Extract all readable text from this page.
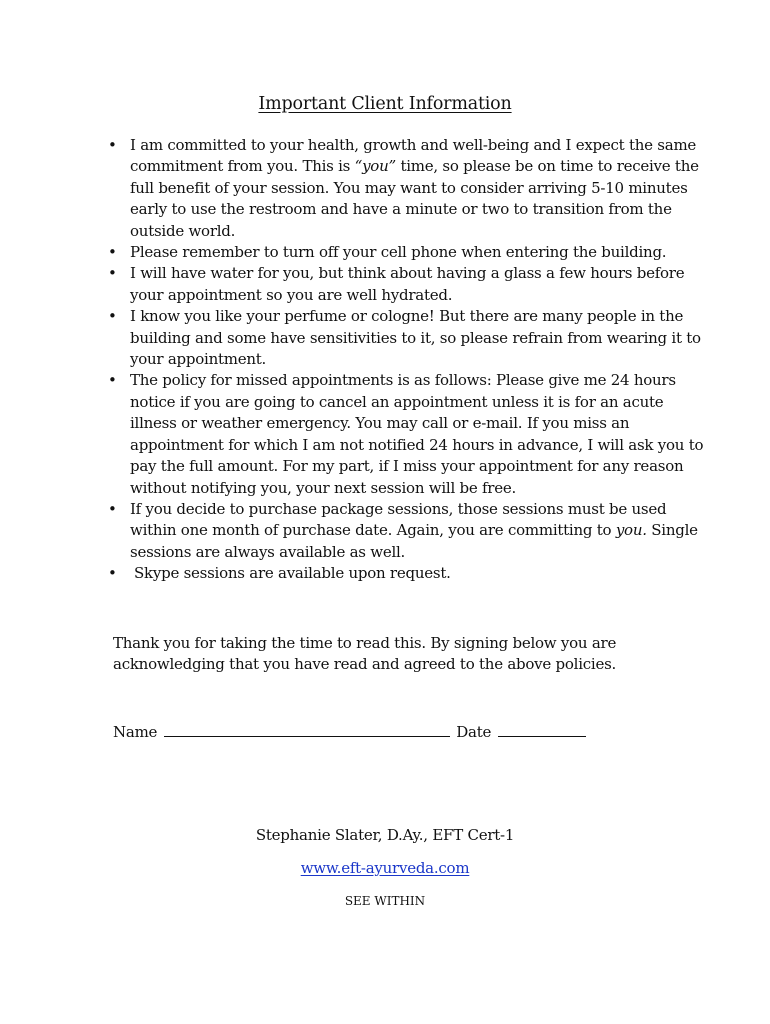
Important Client Information
• I am committed to your health, growth and well-being and I expect the same commitment from you. This is “you” time, so please be on time to receive the full benefit of your session. You may want to consider arriving 5-10 minutes early to use the restroom and have a minute or two to transition from the outside world.
• Please remember to turn off your cell phone when entering the building.
• I will have water for you, but think about having a glass a few hours before your appointment so you are well hydrated.
• I know you like your perfume or cologne! But there are many people in the building and some have sensitivities to it, so please refrain from wearing it to your appointment.
• The policy for missed appointments is as follows: Please give me 24 hours notice if you are going to cancel an appointment unless it is for an acute illness or weather emergency. You may call or e-mail. If you miss an appointment for which I am not notified 24 hours in advance, I will ask you to pay the full amount. For my part, if I miss your appointment for any reason without notifying you, your next session will be free.
• If you decide to purchase package sessions, those sessions must be used within one month of purchase date. Again, you are committing to you. Single sessions are always available as well.
• Skype sessions are available upon request.
Thank you for taking the time to read this. By signing below you are acknowledging that you have read and agreed to the above policies.
Name	Date
Stephanie Slater, D.Ay., EFT Cert-1
www.eft-ayurveda.com
SEE WITHIN
